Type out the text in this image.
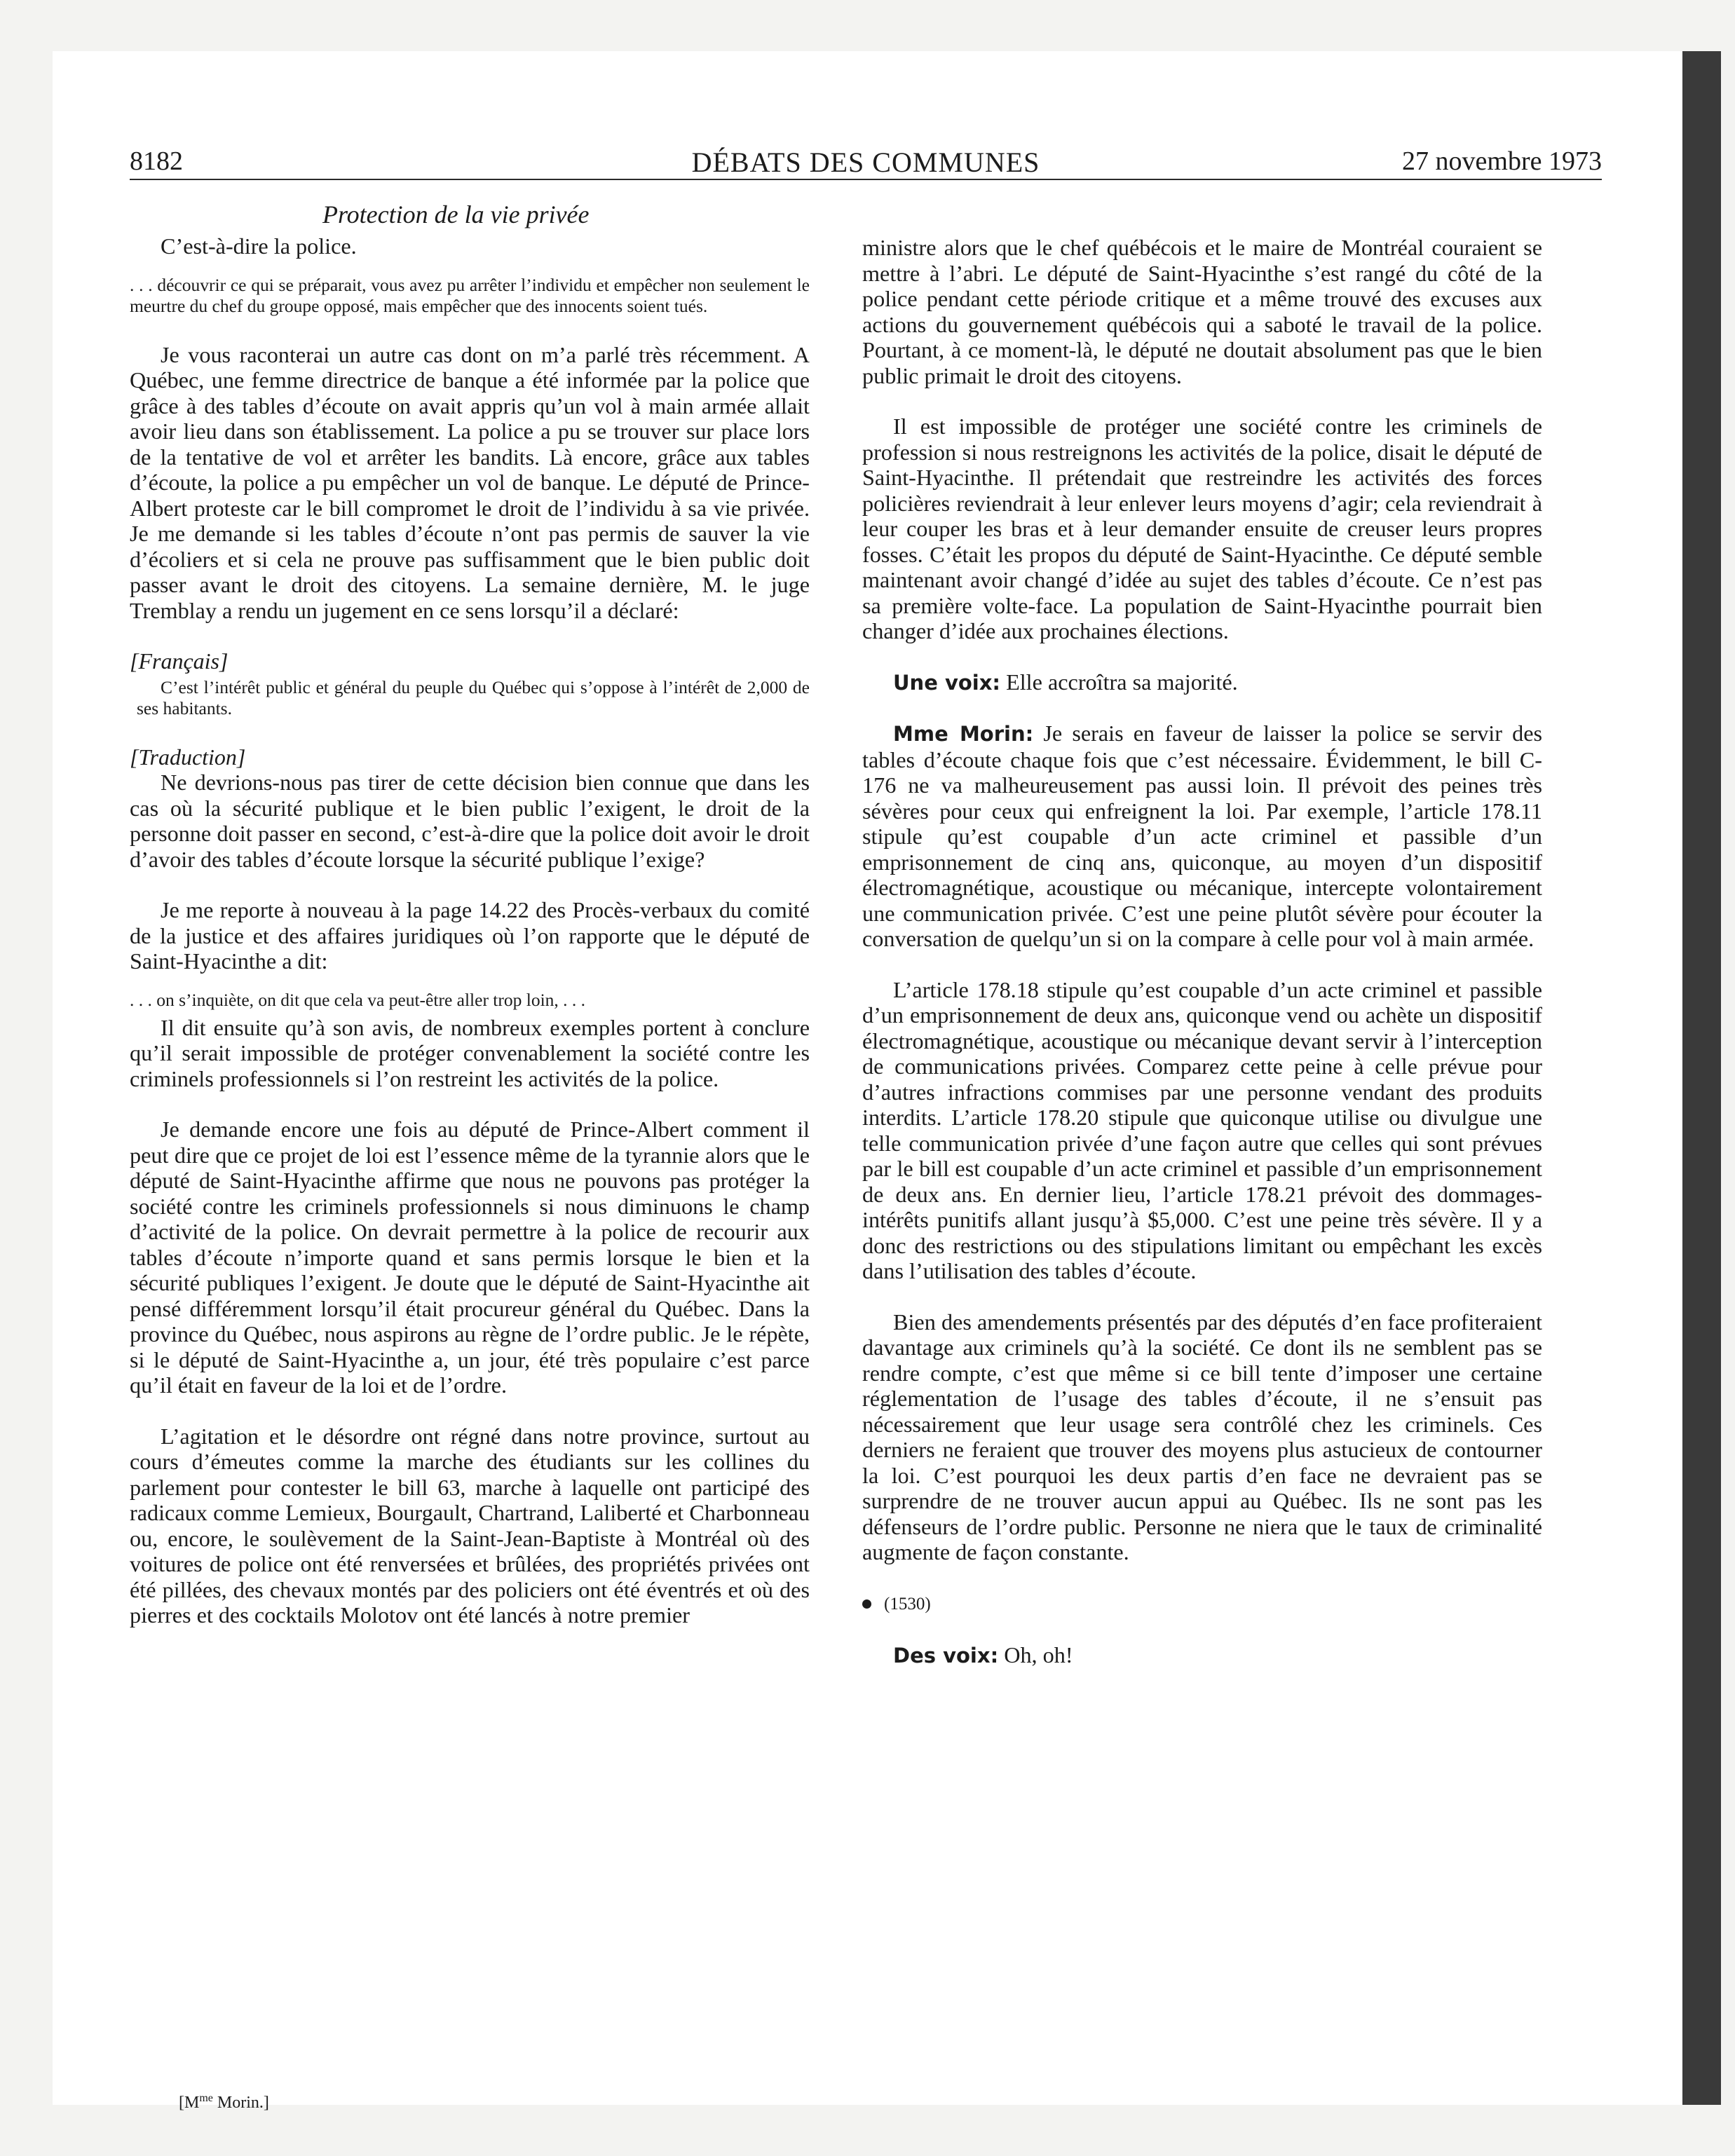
8182	DÉBATS DES COMMUNES	27 novembre 1973
Protection de la vie privée

C’est-à-dire la police.

. . . découvrir ce qui se préparait, vous avez pu arrêter l’individu et empêcher non seulement le meurtre du chef du groupe opposé, mais empêcher que des innocents soient tués.

Je vous raconterai un autre cas dont on m’a parlé très récemment. A Québec, une femme directrice de banque a été informée par la police que grâce à des tables d’écoute on avait appris qu’un vol à main armée allait avoir lieu dans son établissement. La police a pu se trouver sur place lors de la tentative de vol et arrêter les bandits. Là encore, grâce aux tables d’écoute, la police a pu empêcher un vol de banque. Le député de Prince-Albert proteste car le bill compromet le droit de l’individu à sa vie privée. Je me demande si les tables d’écoute n’ont pas permis de sauver la vie d’écoliers et si cela ne prouve pas suffisamment que le bien public doit passer avant le droit des citoyens. La semaine dernière, M. le juge Tremblay a rendu un jugement en ce sens lorsqu’il a déclaré:

[Français]

C’est l’intérêt public et général du peuple du Québec qui s’oppose à l’intérêt de 2,000 de ses habitants.

[Traduction]

Ne devrions-nous pas tirer de cette décision bien connue que dans les cas où la sécurité publique et le bien public l’exigent, le droit de la personne doit passer en second, c’est-à-dire que la police doit avoir le droit d’avoir des tables d’écoute lorsque la sécurité publique l’exige?

Je me reporte à nouveau à la page 14.22 des Procès-verbaux du comité de la justice et des affaires juridiques où l’on rapporte que le député de Saint-Hyacinthe a dit:

. . . on s’inquiète, on dit que cela va peut-être aller trop loin, . . .

Il dit ensuite qu’à son avis, de nombreux exemples portent à conclure qu’il serait impossible de protéger convenablement la société contre les criminels professionnels si l’on restreint les activités de la police.

Je demande encore une fois au député de Prince-Albert comment il peut dire que ce projet de loi est l’essence même de la tyrannie alors que le député de Saint-Hyacinthe affirme que nous ne pouvons pas protéger la société contre les criminels professionnels si nous diminuons le champ d’activité de la police. On devrait permettre à la police de recourir aux tables d’écoute n’importe quand et sans permis lorsque le bien et la sécurité publiques l’exigent. Je doute que le député de Saint-Hyacinthe ait pensé différemment lorsqu’il était procureur général du Québec. Dans la province du Québec, nous aspirons au règne de l’ordre public. Je le répète, si le député de Saint-Hyacinthe a, un jour, été très populaire c’est parce qu’il était en faveur de la loi et de l’ordre.

L’agitation et le désordre ont régné dans notre province, surtout au cours d’émeutes comme la marche des étudiants sur les collines du parlement pour contester le bill 63, marche à laquelle ont participé des radicaux comme Lemieux, Bourgault, Chartrand, Laliberté et Charbonneau ou, encore, le soulèvement de la Saint-Jean-Baptiste à Montréal où des voitures de police ont été renversées et brûlées, des propriétés privées ont été pillées, des chevaux montés par des policiers ont été éventrés et où des pierres et des cocktails Molotov ont été lancés à notre premier

[$M^{me}$ Morin.]

ministre alors que le chef québécois et le maire de Montréal couraient se mettre à l’abri. Le député de Saint-Hyacinthe s’est rangé du côté de la police pendant cette période critique et a même trouvé des excuses aux actions du gouvernement québécois qui a saboté le travail de la police. Pourtant, à ce moment-là, le député ne doutait absolument pas que le bien public primait le droit des citoyens.

Il est impossible de protéger une société contre les criminels de profession si nous restreignons les activités de la police, disait le député de Saint-Hyacinthe. Il prétendait que restreindre les activités des forces policières reviendrait à leur enlever leurs moyens d’agir; cela reviendrait à leur couper les bras et à leur demander ensuite de creuser leurs propres fosses. C’était les propos du député de Saint-Hyacinthe. Ce député semble maintenant avoir changé d’idée au sujet des tables d’écoute. Ce n’est pas sa première volte-face. La population de Saint-Hyacinthe pourrait bien changer d’idée aux prochaines élections.

Une voix: Elle accroîtra sa majorité.

Mme Morin: Je serais en faveur de laisser la police se servir des tables d’écoute chaque fois que c’est nécessaire. Évidemment, le bill C-176 ne va malheureusement pas aussi loin. Il prévoit des peines très sévères pour ceux qui enfreignent la loi. Par exemple, l’article 178.11 stipule qu’est coupable d’un acte criminel et passible d’un emprisonnement de cinq ans, quiconque, au moyen d’un dispositif électromagnétique, acoustique ou mécanique, intercepte volontairement une communication privée. C’est une peine plutôt sévère pour écouter la conversation de quelqu’un si on la compare à celle pour vol à main armée.

L’article 178.18 stipule qu’est coupable d’un acte criminel et passible d’un emprisonnement de deux ans, quiconque vend ou achète un dispositif électromagnétique, acoustique ou mécanique devant servir à l’interception de communications privées. Comparez cette peine à celle prévue pour d’autres infractions commises par une personne vendant des produits interdits. L’article 178.20 stipule que quiconque utilise ou divulgue une telle communication privée d’une façon autre que celles qui sont prévues par le bill est coupable d’un acte criminel et passible d’un emprisonnement de deux ans. En dernier lieu, l’article 178.21 prévoit des dommages-intérêts punitifs allant jusqu’à $5,000. C’est une peine très sévère. Il y a donc des restrictions ou des stipulations limitant ou empêchant les excès dans l’utilisation des tables d’écoute.

Bien des amendements présentés par des députés d’en face profiteraient davantage aux criminels qu’à la société. Ce dont ils ne semblent pas se rendre compte, c’est que même si ce bill tente d’imposer une certaine réglementation de l’usage des tables d’écoute, il ne s’ensuit pas nécessairement que leur usage sera contrôlé chez les criminels. Ces derniers ne feraient que trouver des moyens plus astucieux de contourner la loi. C’est pourquoi les deux partis d’en face ne devraient pas se surprendre de ne trouver aucun appui au Québec. Ils ne sont pas les défenseurs de l’ordre public. Personne ne niera que le taux de criminalité augmente de façon constante.

(1530)

Des voix: Oh, oh!
